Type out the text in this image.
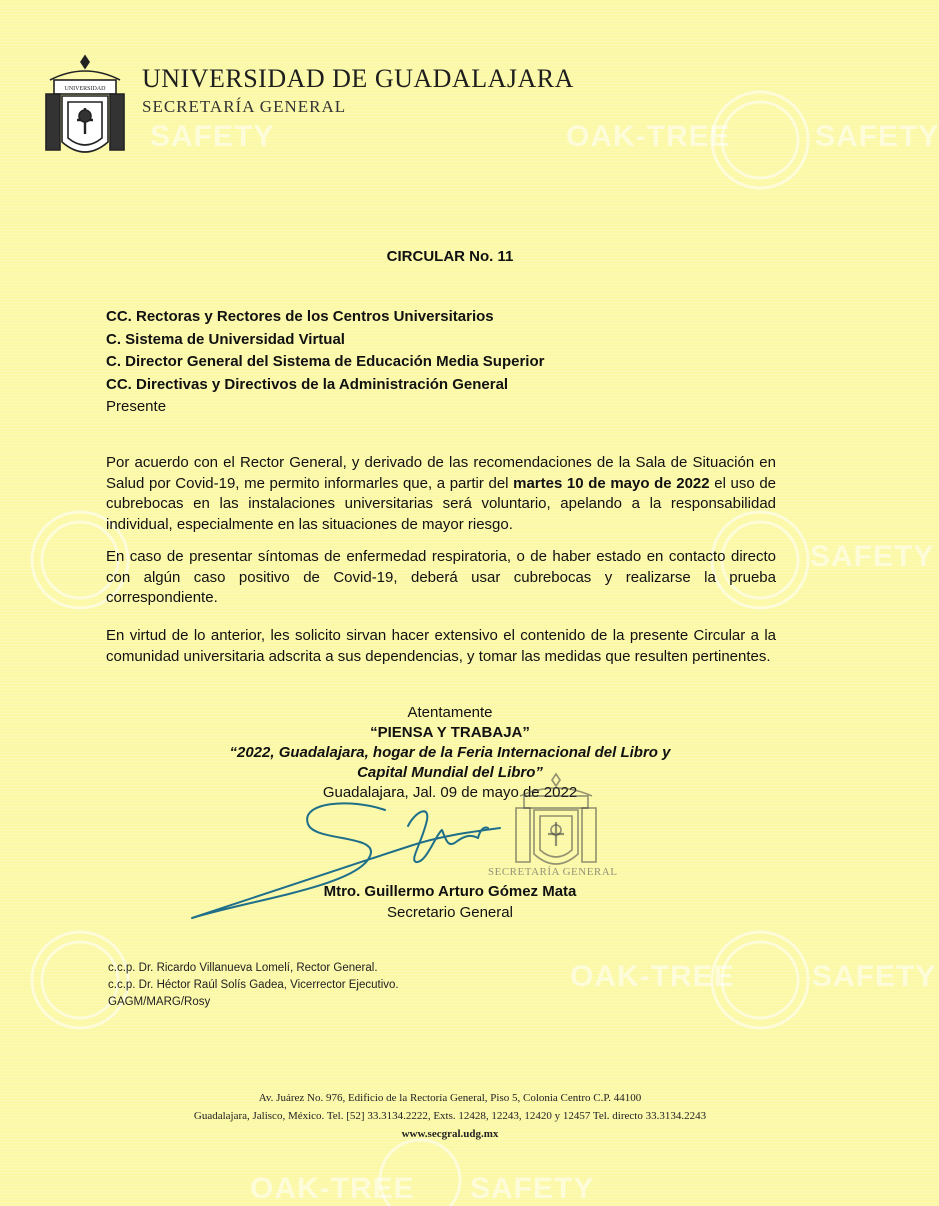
OAK-TREE	SAFETY
SAFETY
SAFETY
OAK-TREE	SAFETY
OAK-TREE SAFETY
UNIVERSIDAD UNIVERSIDAD DE GUADALAJARA
SECRETARÍA GENERAL
CIRCULAR No. 11
CC. Rectoras y Rectores de los Centros Universitarios
C. Sistema de Universidad Virtual
C. Director General del Sistema de Educación Media Superior
CC. Directivas y Directivos de la Administración General
Presente

Por acuerdo con el Rector General, y derivado de las recomendaciones de la Sala de Situación en Salud por Covid-19, me permito informarles que, a partir del martes 10 de mayo de 2022 el uso de cubrebocas en las instalaciones universitarias será voluntario, apelando a la responsabilidad individual, especialmente en las situaciones de mayor riesgo.

En caso de presentar síntomas de enfermedad respiratoria, o de haber estado en contacto directo con algún caso positivo de Covid-19, deberá usar cubrebocas y realizarse la prueba correspondiente.

En virtud de lo anterior, les solicito sirvan hacer extensivo el contenido de la presente Circular a la comunidad universitaria adscrita a sus dependencias, y tomar las medidas que resulten pertinentes.

Atentamente
“PIENSA Y TRABAJA”
“2022, Guadalajara, hogar de la Feria Internacional del Libro y
Capital Mundial del Libro”
Guadalajara, Jal. 09 de mayo de 2022
SECRETARÍA GENERAL
Mtro. Guillermo Arturo Gómez Mata
Secretario General
c.c.p. Dr. Ricardo Villanueva Lomelí, Rector General.
c.c.p. Dr. Héctor Raúl Solís Gadea, Vicerrector Ejecutivo.
GAGM/MARG/Rosy
Av. Juárez No. 976, Edificio de la Rectoría General, Piso 5, Colonia Centro C.P. 44100
Guadalajara, Jalisco, México. Tel. [52] 33.3134.2222, Exts. 12428, 12243, 12420 y 12457 Tel. directo 33.3134.2243
www.secgral.udg.mx
